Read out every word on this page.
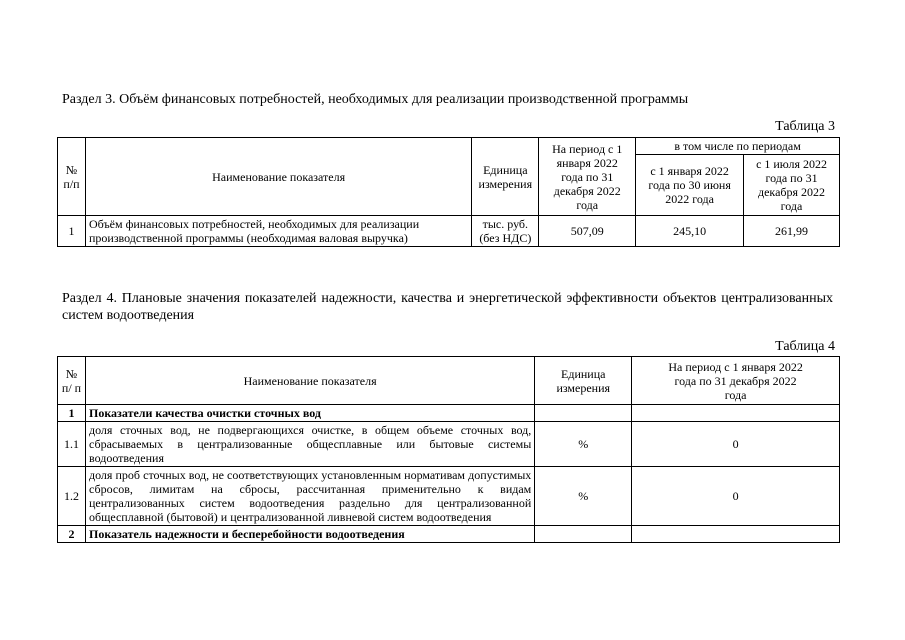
Раздел 3. Объём финансовых потребностей, необходимых для реализации производственной программы
Таблица 3
№ п/п	Наименование показателя	Единица измерения	На период с 1 января 2022 года по 31 декабря 2022 года	в том числе по периодам	
				с 1 января 2022 года по 30 июня 2022 года	с 1 июля 2022 года по 31 декабря 2022 года
1	Объём финансовых потребностей, необходимых для реализации производственной программы (необходимая валовая выручка)	тыс. руб. (без НДС)	507,09	245,10	261,99
Раздел 4. Плановые значения показателей надежности, качества и энергетической эффективности объектов централизованных систем водоотведения
Таблица 4
№ п/ п	Наименование показателя	Единица измерения	На период с 1 января 2022 года по 31 декабря 2022 года
1	Показатели качества очистки сточных вод		
1.1	доля сточных вод, не подвергающихся очистке, в общем объеме сточных вод, сбрасываемых в централизованные общесплавные или бытовые системы водоотведения	%	0
1.2	доля проб сточных вод, не соответствующих установленным нормативам допустимых сбросов, лимитам на сбросы, рассчитанная применительно к видам централизованных систем водоотведения раздельно для централизованной общесплавной (бытовой) и централизованной ливневой систем водоотведения	%	0
2	Показатель надежности и бесперебойности водоотведения		
